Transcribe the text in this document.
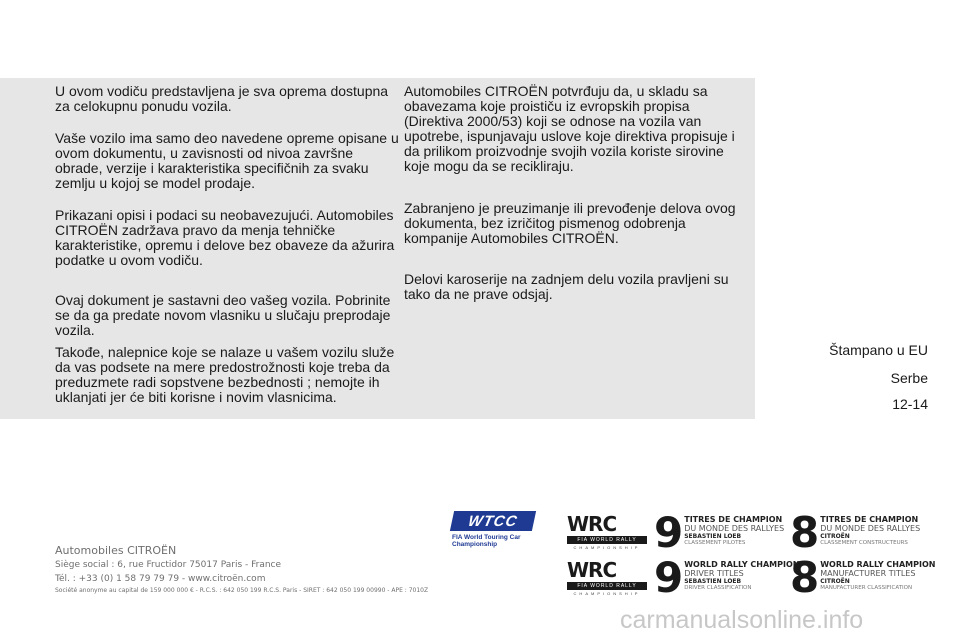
U ovom vodiču predstavljena je sva oprema dostupna za celokupnu ponudu vozila.

Vaše vozilo ima samo deo navedene opreme opisane u ovom dokumentu, u zavisnosti od nivoa završne obrade, verzije i karakteristika specifičnih za svaku zemlju u kojoj se model prodaje.

Prikazani opisi i podaci su neobavezujući. Automobiles CITROËN zadržava pravo da menja tehničke karakteristike, opremu i delove bez obaveze da ažurira podatke u ovom vodiču.

Ovaj dokument je sastavni deo vašeg vozila. Pobrinite se da ga predate novom vlasniku u slučaju preprodaje vozila.

Takođe, nalepnice koje se nalaze u vašem vozilu služe da vas podsete na mere predostrožnosti koje treba da preduzmete radi sopstvene bezbednosti ; nemojte ih uklanjati jer će biti korisne i novim vlasnicima.

Automobiles CITROËN potvrđuju da, u skladu sa obavezama koje proističu iz evropskih propisa (Direktiva 2000/53) koji se odnose na vozila van upotrebe, ispunjavaju uslove koje direktiva propisuje i da prilikom proizvodnje svojih vozila koriste sirovine koje mogu da se recikliraju.

Zabranjeno je preuzimanje ili prevođenje delova ovog dokumenta, bez izričitog pismenog odobrenja kompanije Automobiles CITROËN.

Delovi karoserije na zadnjem delu vozila pravljeni su tako da ne prave odsjaj.

Štampano u EU
Serbe
12-14
Automobiles CITROËN
Siège social : 6, rue Fructidor 75017 Paris - France
Tél. : +33 (0) 1 58 79 79 79 - www.citroën.com
Société anonyme au capital de 159 000 000 € - R.C.S. : 642 050 199 R.C.S. Paris - SIRET : 642 050 199 00990 - APE : 7010Z
WTCC
FIA World Touring Car
Championship
WRC
FIA WORLD RALLY
CHAMPIONSHIP
WRC
FIA WORLD RALLY
CHAMPIONSHIP
9 TITRES DE CHAMPION
DU MONDE DES RALLYES
SEBASTIEN LOEB
CLASSEMENT PILOTES	8 TITRES DE CHAMPION
DU MONDE DES RALLYES
CITROËN
CLASSEMENT CONSTRUCTEURS
9 WORLD RALLY CHAMPION
DRIVER TITLES
SEBASTIEN LOEB
DRIVER CLASSIFICATION 8 WORLD RALLY CHAMPION
MANUFACTURER TITLES
CITROËN
MANUFACTURER CLASSIFICATION
carmanualsonline.info
